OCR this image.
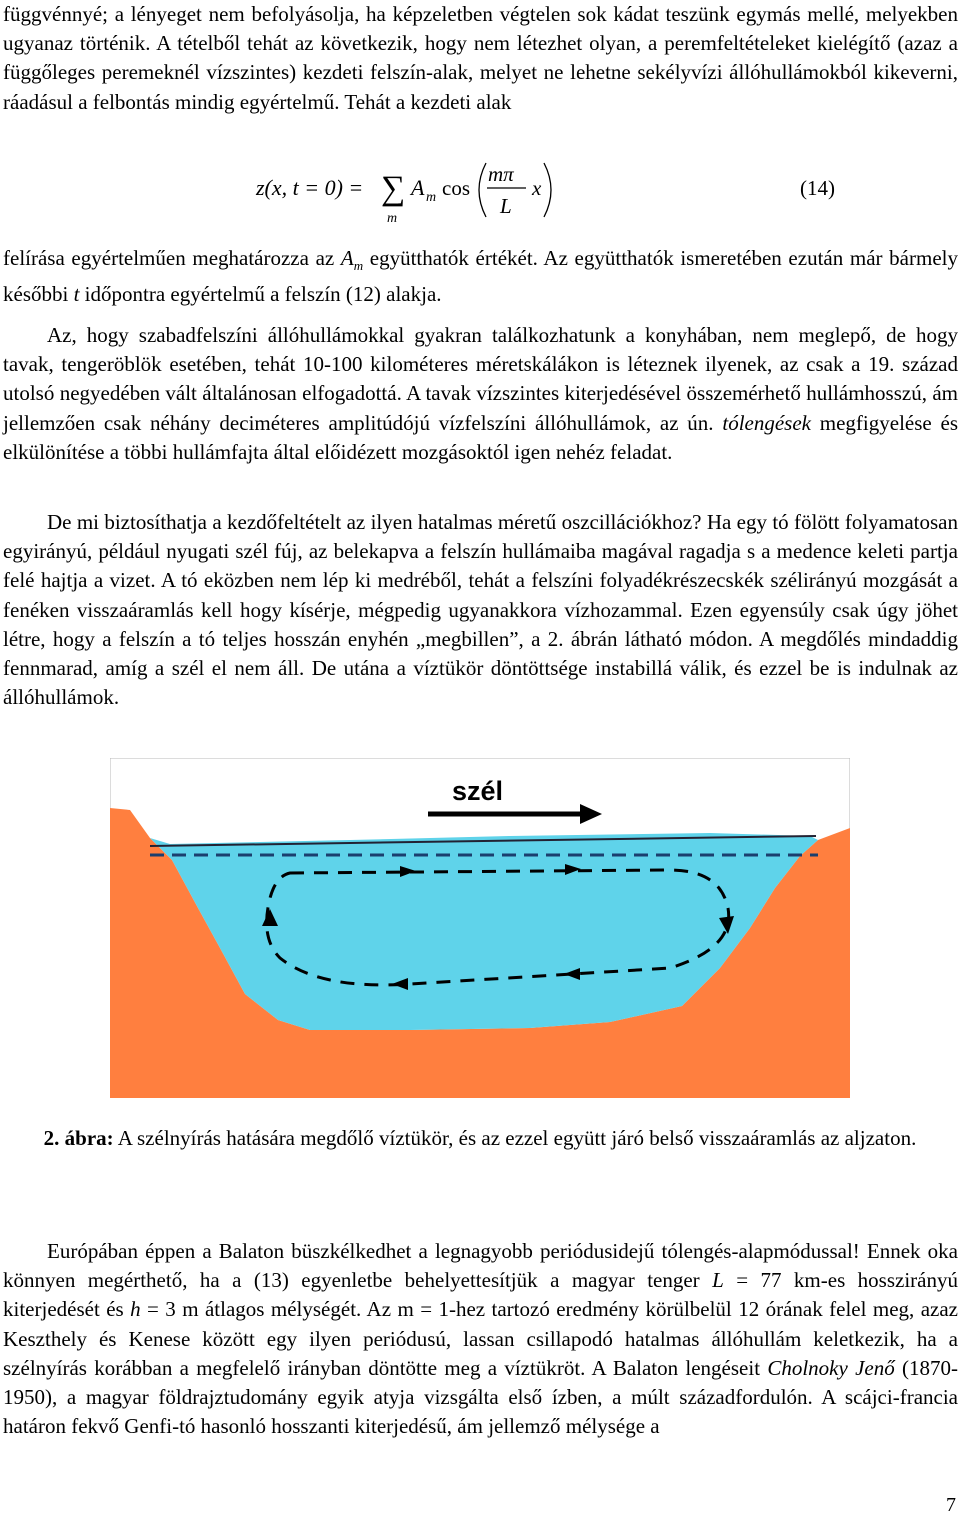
függvénnyé; a lényeget nem befolyásolja, ha képzeletben végtelen sok kádat teszünk egymás mellé, melyekben ugyanaz történik. A tételből tehát az következik, hogy nem létezhet olyan, a peremfeltételeket kielégítő (azaz a függőleges peremeknél vízszintes) kezdeti felszín-alak, melyet ne lehetne sekélyvízi állóhullámokból kikeverni, ráadásul a felbontás mindig egyértelmű. Tehát a kezdeti alak
z(x, t = 0) = ∑
m
A m cos
mπ
L
x	(14)
felírása egyértelműen meghatározza az $A_m$ együtthatók értékét. Az együtthatók ismeretében ezután már bármely későbbi t időpontra egyértelmű a felszín (12) alakja.
Az, hogy szabadfelszíni állóhullámokkal gyakran találkozhatunk a konyhában, nem meglepő, de hogy tavak, tengeröblök esetében, tehát 10-100 kilométeres méretskálákon is léteznek ilyenek, az csak a 19. század utolsó negyedében vált általánosan elfogadottá. A tavak vízszintes kiterjedésével összemérhető hullámhosszú, ám jellemzően csak néhány deciméteres amplitúdójú vízfelszíni állóhullámok, az ún. tólengések megfigyelése és elkülönítése a többi hullámfajta által előidézett mozgásoktól igen nehéz feladat.
De mi biztosíthatja a kezdőfeltételt az ilyen hatalmas méretű oszcillációkhoz? Ha egy tó fölött folyamatosan egyirányú, például nyugati szél fúj, az belekapva a felszín hullámaiba magával ragadja s a medence keleti partja felé hajtja a vizet. A tó eközben nem lép ki medréből, tehát a felszíni folyadékrészecskék szélirányú mozgását a fenéken visszaáramlás kell hogy kísérje, mégpedig ugyanakkora vízhozammal. Ezen egyensúly csak úgy jöhet létre, hogy a felszín a tó teljes hosszán enyhén „megbillen”, a 2. ábrán látható módon. A megdőlés mindaddig fennmarad, amíg a szél el nem áll. De utána a víztükör döntöttsége instabillá válik, és ezzel be is indulnak az állóhullámok.
szél
2. ábra: A szélnyírás hatására megdőlő víztükör, és az ezzel együtt járó belső visszaáramlás az aljzaton.
Európában éppen a Balaton büszkélkedhet a legnagyobb periódusidejű tólengés-alapmódussal! Ennek oka könnyen megérthető, ha a (13) egyenletbe behelyettesítjük a magyar tenger L = 77 km-es hosszirányú kiterjedését és h = 3 m átlagos mélységét. Az m = 1-hez tartozó eredmény körülbelül 12 órának felel meg, azaz Keszthely és Kenese között egy ilyen periódusú, lassan csillapodó hatalmas állóhullám keletkezik, ha a szélnyírás korábban a megfelelő irányban döntötte meg a víztükröt. A Balaton lengéseit Cholnoky Jenő (1870-1950), a magyar földrajztudomány egyik atyja vizsgálta első ízben, a múlt századfordulón. A scájci-francia határon fekvő Genfi-tó hasonló hosszanti kiterjedésű, ám jellemző mélysége a
7
